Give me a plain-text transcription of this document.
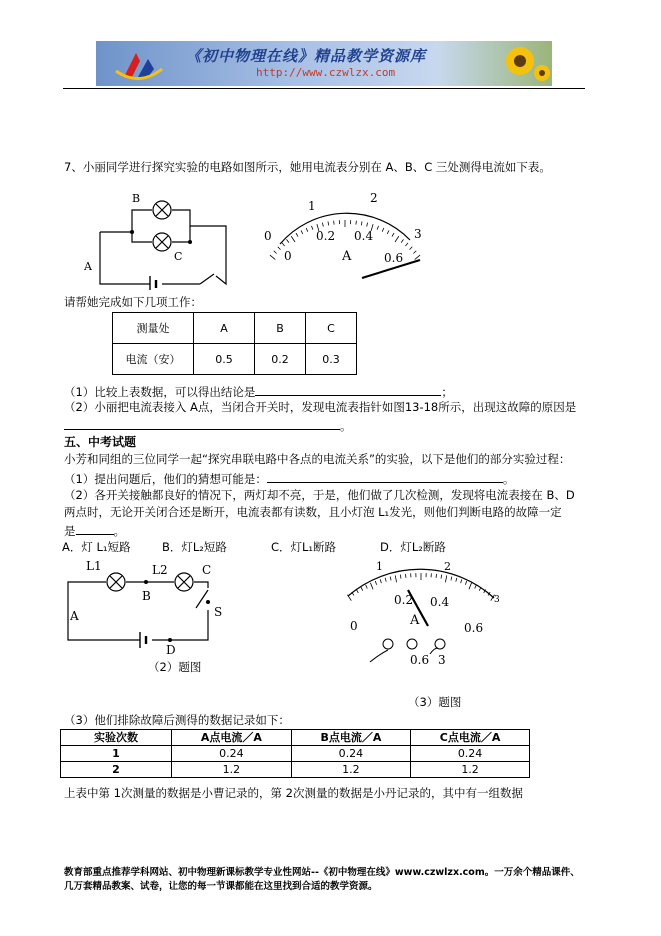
《初中物理在线》精品教学资源库
http://www.czwlzx.com
7、小丽同学进行探究实验的电路如图所示，她用电流表分别在 A、B、C 三处测得电流如下表。
A
B
C
1
2
0	3
0
0.2 0.4
0.6
A
请帮她完成如下几项工作：
测量处	A	B	C
电流（安）	0.5	0.2	0.3
（1）比较上表数据，可以得出结论是	；
（2）小丽把电流表接入 A点，当闭合开关时，发现电流表指针如图13-18所示，出现这故障的原因是
。
五、中考试题
小芳和同组的三位同学一起“探究串联电路中各点的电流关系”的实验，以下是他们的部分实验过程：
（1）提出问题后，他们的猜想可能是：	。
（2）各开关接触都良好的情况下，两灯却不亮，于是，他们做了几次检测，发现将电流表接在 B、D
两点时，无论开关闭合还是断开，电流表都有读数，且小灯泡 L₁发光，则他们判断电路的故障一定
是	。
A．灯 L₁短路	B．灯L₂短路	C．灯L₁断路	D．灯L₂断路
L1	L2
A
B
C
D
S
（2）题图
1	2
0
0.2 0.4
0.6
3
A
0.6 3
（3）题图
（3）他们排除故障后测得的数据记录如下：
实验次数	A点电流／A	B点电流／A	C点电流／A
1	0.24	0.24	0.24
2	1.2	1.2	1.2
上表中第 1次测量的数据是小曹记录的，第 2次测量的数据是小丹记录的，其中有一组数据
教育部重点推荐学科网站、初中物理新课标教学专业性网站--《初中物理在线》www.czwlzx.com。一万余个精品课件、
几万套精品教案、试卷，让您的每一节课都能在这里找到合适的教学资源。
